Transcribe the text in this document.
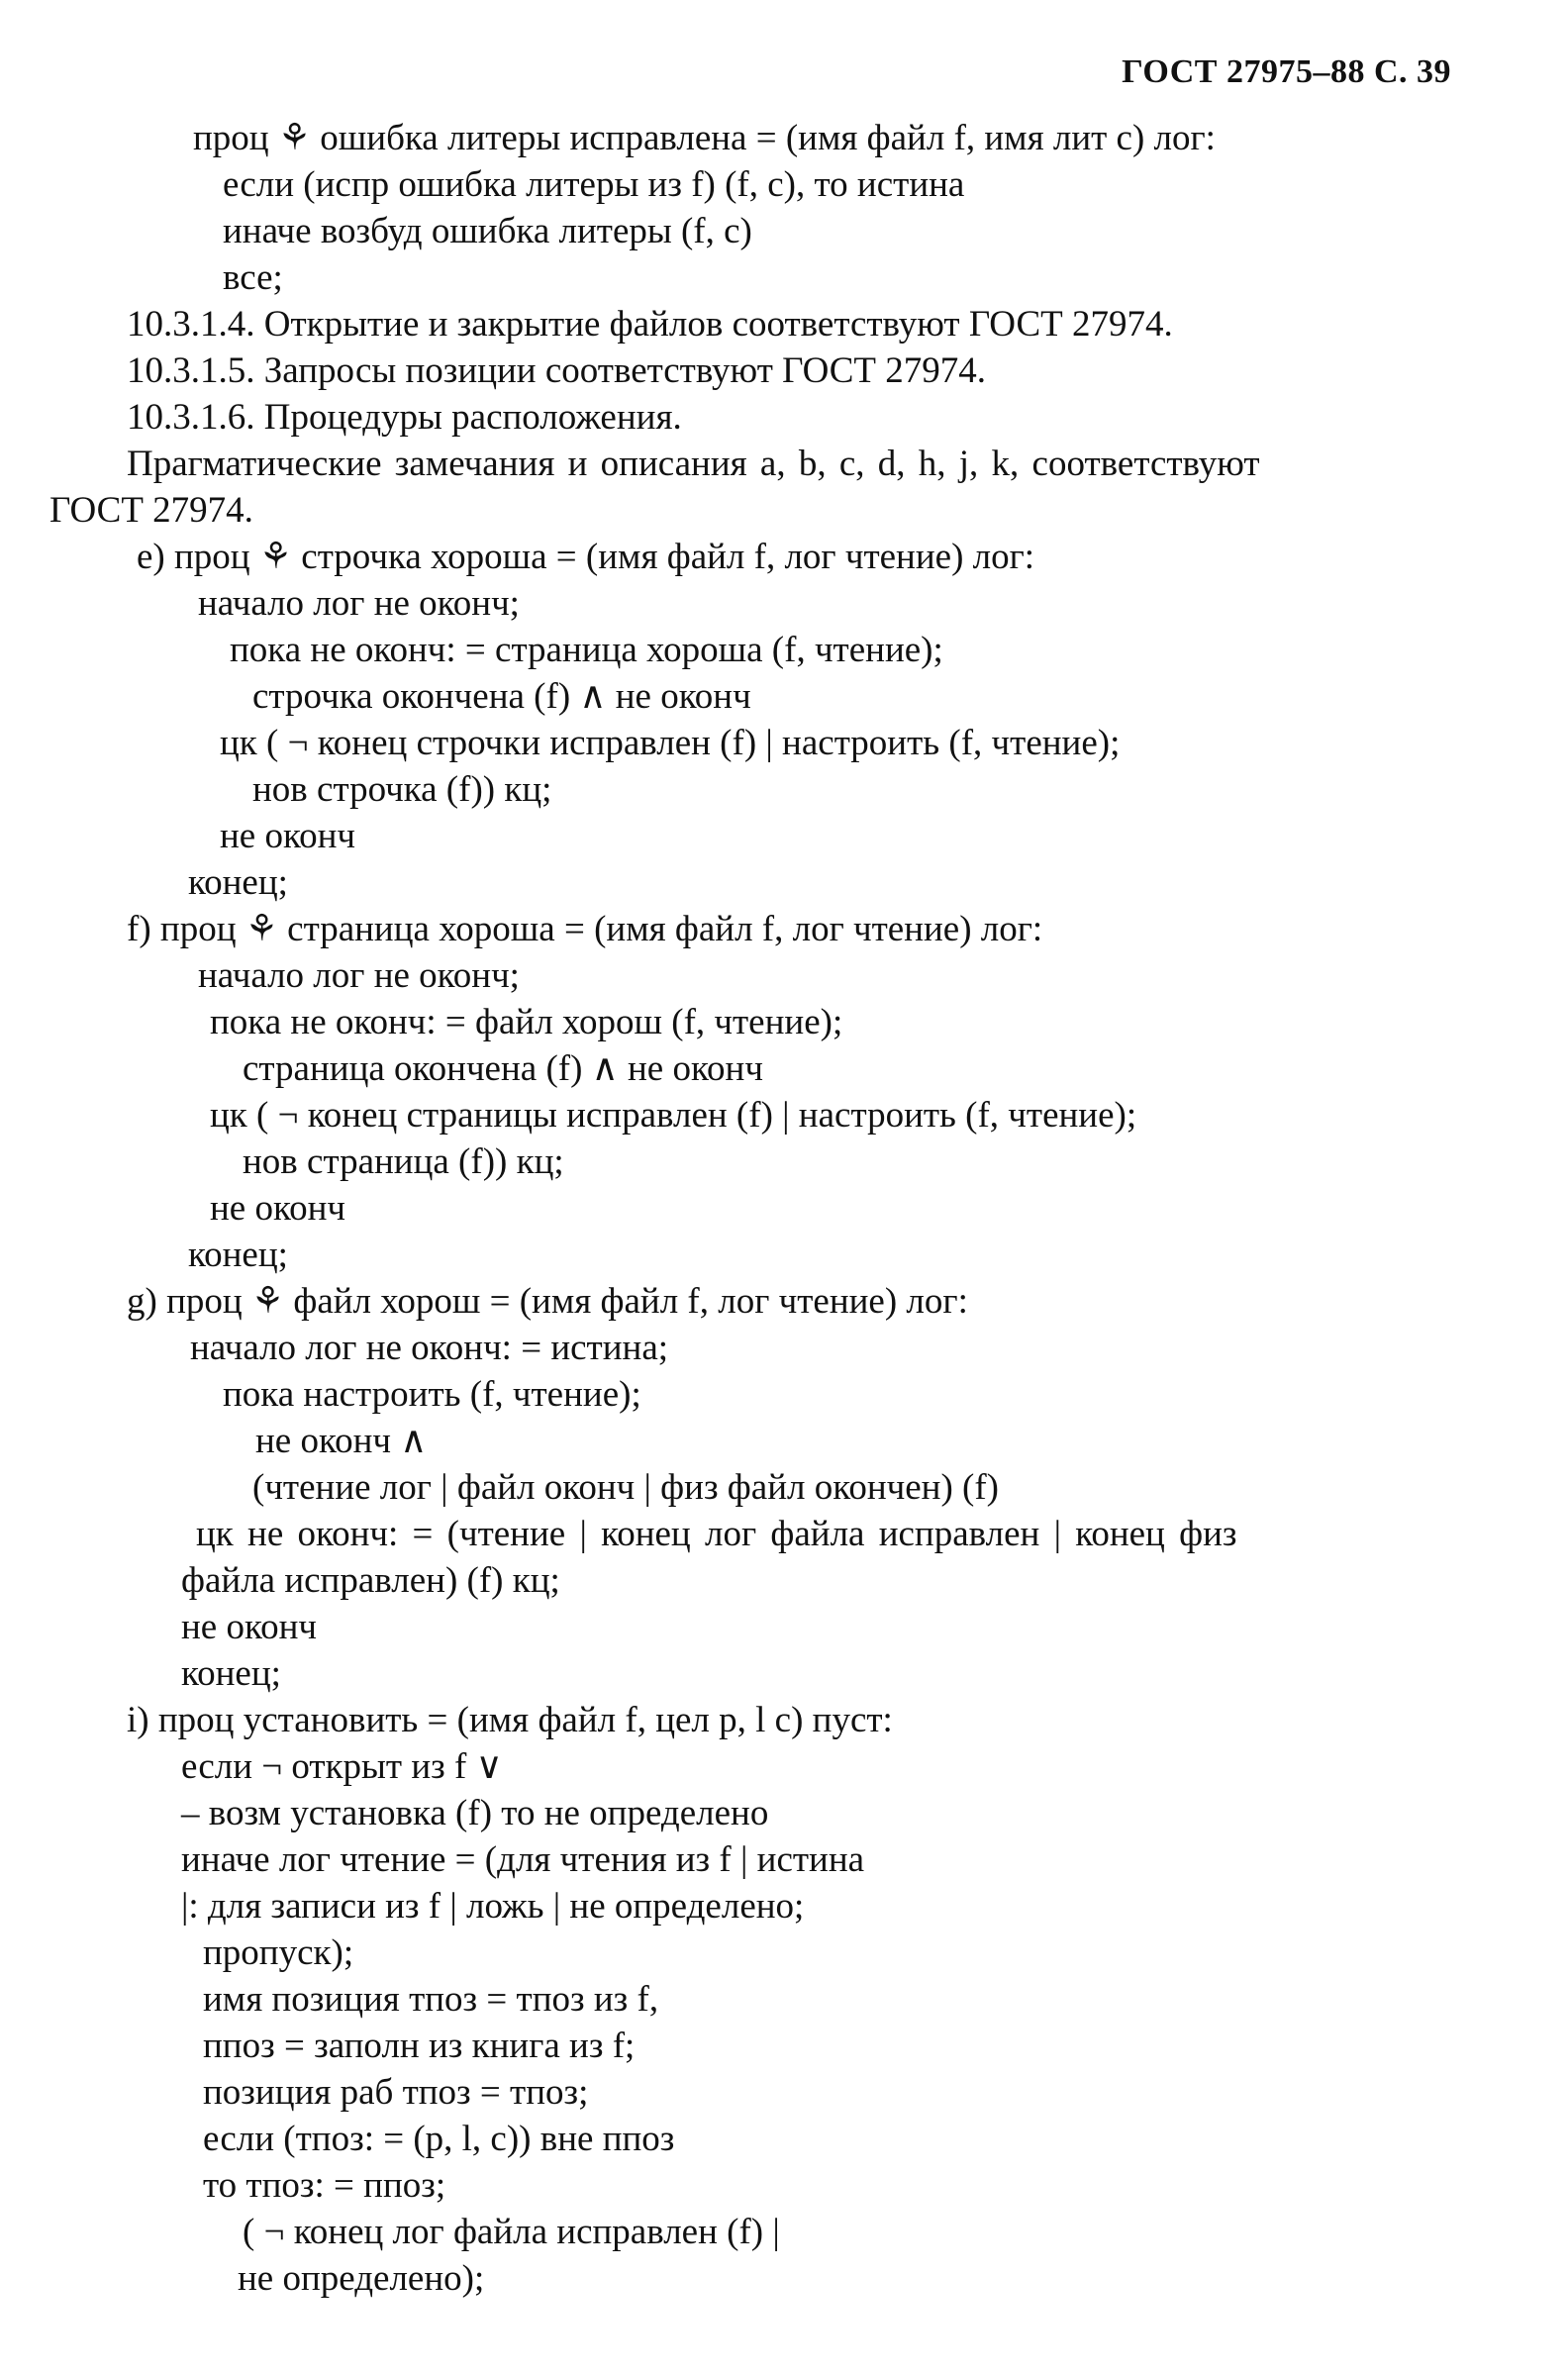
ГОСТ 27975–88 С. 39
проц ⚘ ошибка литеры исправлена = (имя файл f, имя лит с) лог:
если (испр ошибка литеры из f) (f, c), то истина
иначе возбуд ошибка литеры (f, c)
все;
10.3.1.4. Открытие и закрытие файлов соответствуют ГОСТ 27974.
10.3.1.5. Запросы позиции соответствуют ГОСТ 27974.
10.3.1.6. Процедуры расположения.
Прагматические замечания и описания a, b, c, d, h, j, k, соответствуют
ГОСТ 27974.
е) проц ⚘ строчка хороша = (имя файл f, лог чтение) лог:
начало лог не оконч;
пока не оконч: = страница хороша (f, чтение);
строчка окончена (f) ∧ не оконч
цк ( ¬ конец строчки исправлен (f) | настроить (f, чтение);
нов строчка (f)) кц;
не оконч
конец;
f) проц ⚘ страница хороша = (имя файл f, лог чтение) лог:
начало лог не оконч;
пока не оконч: = файл хорош (f, чтение);
страница окончена (f) ∧ не оконч
цк ( ¬ конец страницы исправлен (f) | настроить (f, чтение);
нов страница (f)) кц;
не оконч
конец;
g) проц ⚘ файл хорош = (имя файл f, лог чтение) лог:
начало лог не оконч: = истина;
пока настроить (f, чтение);
не оконч ∧
(чтение лог | файл оконч | физ файл окончен) (f)
цк не оконч: = (чтение | конец лог файла исправлен | конец физ
файла исправлен) (f) кц;
не оконч
конец;
i) проц установить = (имя файл f, цел p, l c) пуст:
если ¬ открыт из f ∨
– возм установка (f) то не определено
иначе лог чтение = (для чтения из f | истина
|: для записи из f | ложь | не определено;
пропуск);
имя позиция тпоз = тпоз из f,
ппоз = заполн из книга из f;
позиция раб тпоз = тпоз;
если (тпоз: = (p, l, c)) вне ппоз
то тпоз: = ппоз;
( ¬ конец лог файла исправлен (f) |
не определено);
